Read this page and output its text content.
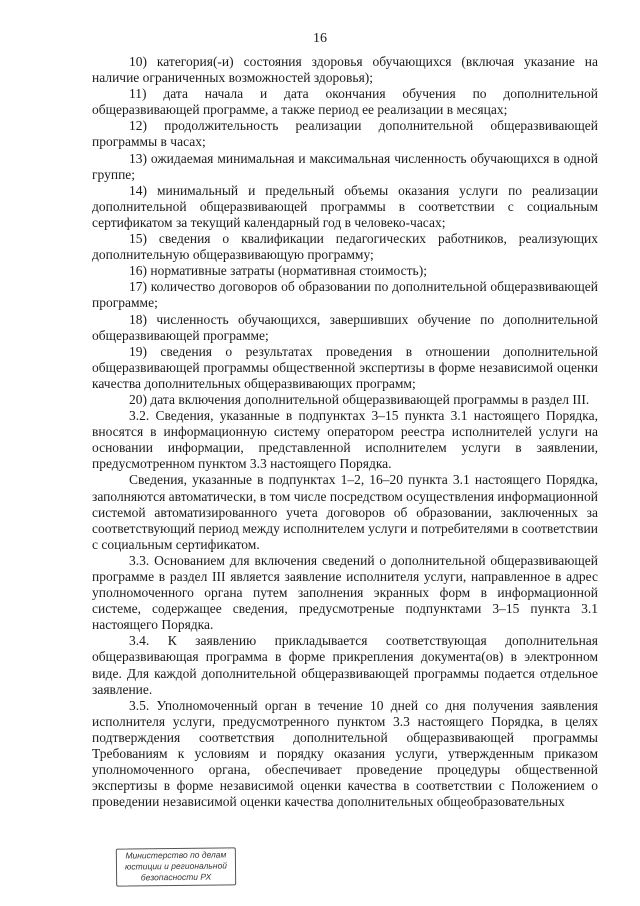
16

10) категория(-и) состояния здоровья обучающихся (включая указание на наличие ограниченных возможностей здоровья);

11) дата начала и дата окончания обучения по дополнительной общеразвивающей программе, а также период ее реализации в месяцах;

12) продолжительность реализации дополнительной общеразвивающей программы в часах;

13) ожидаемая минимальная и максимальная численность обучающихся в одной группе;

14) минимальный и предельный объемы оказания услуги по реализации дополнительной общеразвивающей программы в соответствии с социальным сертификатом за текущий календарный год в человеко-часах;

15) сведения о квалификации педагогических работников, реализующих дополнительную общеразвивающую программу;

16) нормативные затраты (нормативная стоимость);

17) количество договоров об образовании по дополнительной общеразвивающей программе;

18) численность обучающихся, завершивших обучение по дополнительной общеразвивающей программе;

19) сведения о результатах проведения в отношении дополнительной общеразвивающей программы общественной экспертизы в форме независимой оценки качества дополнительных общеразвивающих программ;

20) дата включения дополнительной общеразвивающей программы в раздел III.

3.2. Сведения, указанные в подпунктах 3–15 пункта 3.1 настоящего Порядка, вносятся в информационную систему оператором реестра исполнителей услуги на основании информации, представленной исполнителем услуги в заявлении, предусмотренном пунктом 3.3 настоящего Порядка.

Сведения, указанные в подпунктах 1–2, 16–20 пункта 3.1 настоящего Порядка, заполняются автоматически, в том числе посредством осуществления информационной системой автоматизированного учета договоров об образовании, заключенных за соответствующий период между исполнителем услуги и потребителями в соответствии с социальным сертификатом.

3.3. Основанием для включения сведений о дополнительной общеразвивающей программе в раздел III является заявление исполнителя услуги, направленное в адрес уполномоченного органа путем заполнения экранных форм в информационной системе, содержащее сведения, предусмотреные подпунктами 3–15 пункта 3.1 настоящего Порядка.

3.4. К заявлению прикладывается соответствующая дополнительная общеразвивающая программа в форме прикрепления документа(ов) в электронном виде. Для каждой дополнительной общеразвивающей программы подается отдельное заявление.

3.5. Уполномоченный орган в течение 10 дней со дня получения заявления исполнителя услуги, предусмотренного пунктом 3.3 настоящего Порядка, в целях подтверждения соответствия дополнительной общеразвивающей программы Требованиям к условиям и порядку оказания услуги, утвержденным приказом уполномоченного органа, обеспечивает проведение процедуры общественной экспертизы в форме независимой оценки качества в соответствии с Положением о проведении независимой оценки качества дополнительных общеобразовательных

Министерство по делам
юстиции и региональной
безопасности РХ
